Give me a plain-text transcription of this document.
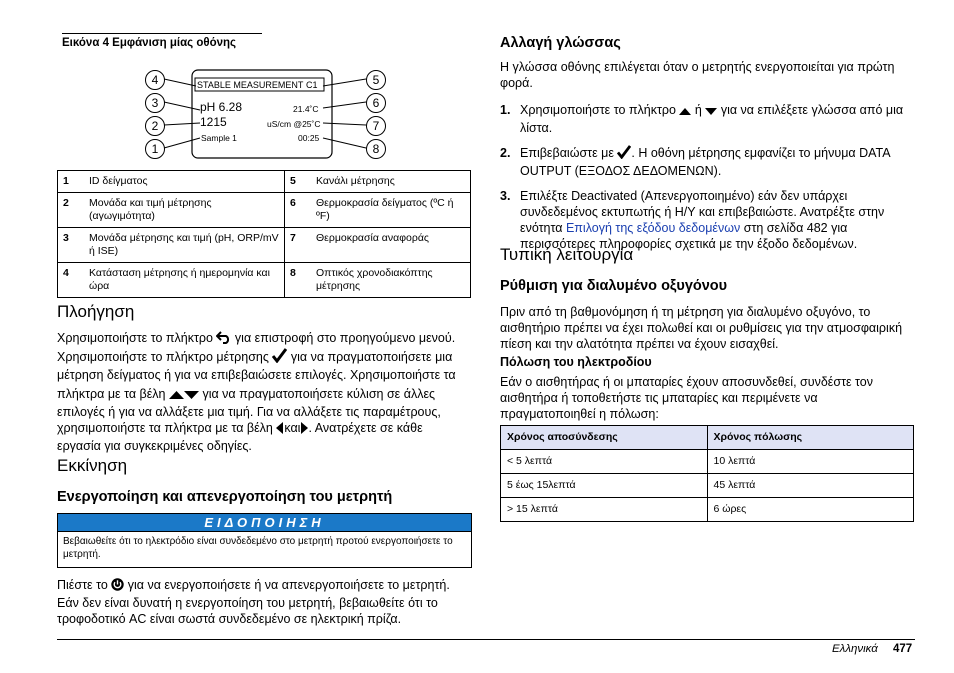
Εικόνα 4 Εμφάνιση μίας οθόνης
STABLE MEASUREMENT C1
pH 6.28	21.4˚C
1215	uS/cm @25˚C
Sample 1	00:25
4
3
2
1
5
6
7
8
1	ID δείγματος	5	Κανάλι μέτρησης
2	Μονάδα και τιμή μέτρησης (αγωγιμότητα)	6	Θερμοκρασία δείγματος (ºC ή ºF)
3	Μονάδα μέτρησης και τιμή (pH, ORP/mV ή ISE)	7	Θερμοκρασία αναφοράς
4	Κατάσταση μέτρησης ή ημερομηνία και ώρα	8	Οπτικός χρονοδιακόπτης μέτρησης
Πλοήγηση
Χρησιμοποιήστε το πλήκτρο  για επιστροφή στο προηγούμενο μενού.
Χρησιμοποιήστε το πλήκτρο μέτρησης  για να πραγματοποιήσετε μια
μέτρηση δείγματος ή για να επιβεβαιώσετε επιλογές. Χρησιμοποιήστε τα
πλήκτρα με τα βέλη  για να πραγματοποιήσετε κύλιση σε άλλες
επιλογές ή για να αλλάξετε μια τιμή. Για να αλλάξετε τις παραμέτρους,
χρησιμοποιήστε τα πλήκτρα με τα βέλη και . Ανατρέχετε σε κάθε
εργασία για συγκεκριμένες οδηγίες.
Εκκίνηση
Ενεργοποίηση και απενεργοποίηση του μετρητή
ΕΙΔΟΠΟΙΗΣΗ
Βεβαιωθείτε ότι το ηλεκτρόδιο είναι συνδεδεμένο στο μετρητή προτού ενεργοποιήσετε το μετρητή.
Πιέστε το  για να ενεργοποιήσετε ή να απενεργοποιήσετε το μετρητή.
Εάν δεν είναι δυνατή η ενεργοποίηση του μετρητή, βεβαιωθείτε ότι το
τροφοδοτικό AC είναι σωστά συνδεδεμένο σε ηλεκτρική πρίζα.
Αλλαγή γλώσσας
Η γλώσσα οθόνης επιλέγεται όταν ο μετρητής ενεργοποιείται για πρώτη φορά.
1. Χρησιμοποιήστε το πλήκτρο  ή  για να επιλέξετε γλώσσα από μια λίστα.
2. Επιβεβαιώστε με . Η οθόνη μέτρησης εμφανίζει το μήνυμα DATA OUTPUT (ΕΞΟΔΟΣ ΔΕΔΟΜΕΝΩΝ).
3. Επιλέξτε Deactivated (Απενεργοποιημένο) εάν δεν υπάρχει συνδεδεμένος εκτυπωτής ή Η/Υ και επιβεβαιώστε. Ανατρέξτε στην ενότητα Επιλογή της εξόδου δεδομένων στη σελίδα 482 για περισσότερες πληροφορίες σχετικά με την έξοδο δεδομένων.
Τυπική λειτουργία
Ρύθμιση για διαλυμένο οξυγόνου
Πριν από τη βαθμονόμηση ή τη μέτρηση για διαλυμένο οξυγόνο, το αισθητήριο πρέπει να έχει πολωθεί και οι ρυθμίσεις για την ατμοσφαιρική πίεση και την αλατότητα πρέπει να έχουν εισαχθεί.
Πόλωση του ηλεκτροδίου
Εάν ο αισθητήρας ή οι μπαταρίες έχουν αποσυνδεθεί, συνδέστε τον αισθητήρα ή τοποθετήστε τις μπαταρίες και περιμένετε να πραγματοποιηθεί η πόλωση:
Χρόνος αποσύνδεσης	Χρόνος πόλωσης
< 5 λεπτά	10 λεπτά
5 έως 15λεπτά	45 λεπτά
> 15 λεπτά	6 ώρες
Ελληνικά 477
